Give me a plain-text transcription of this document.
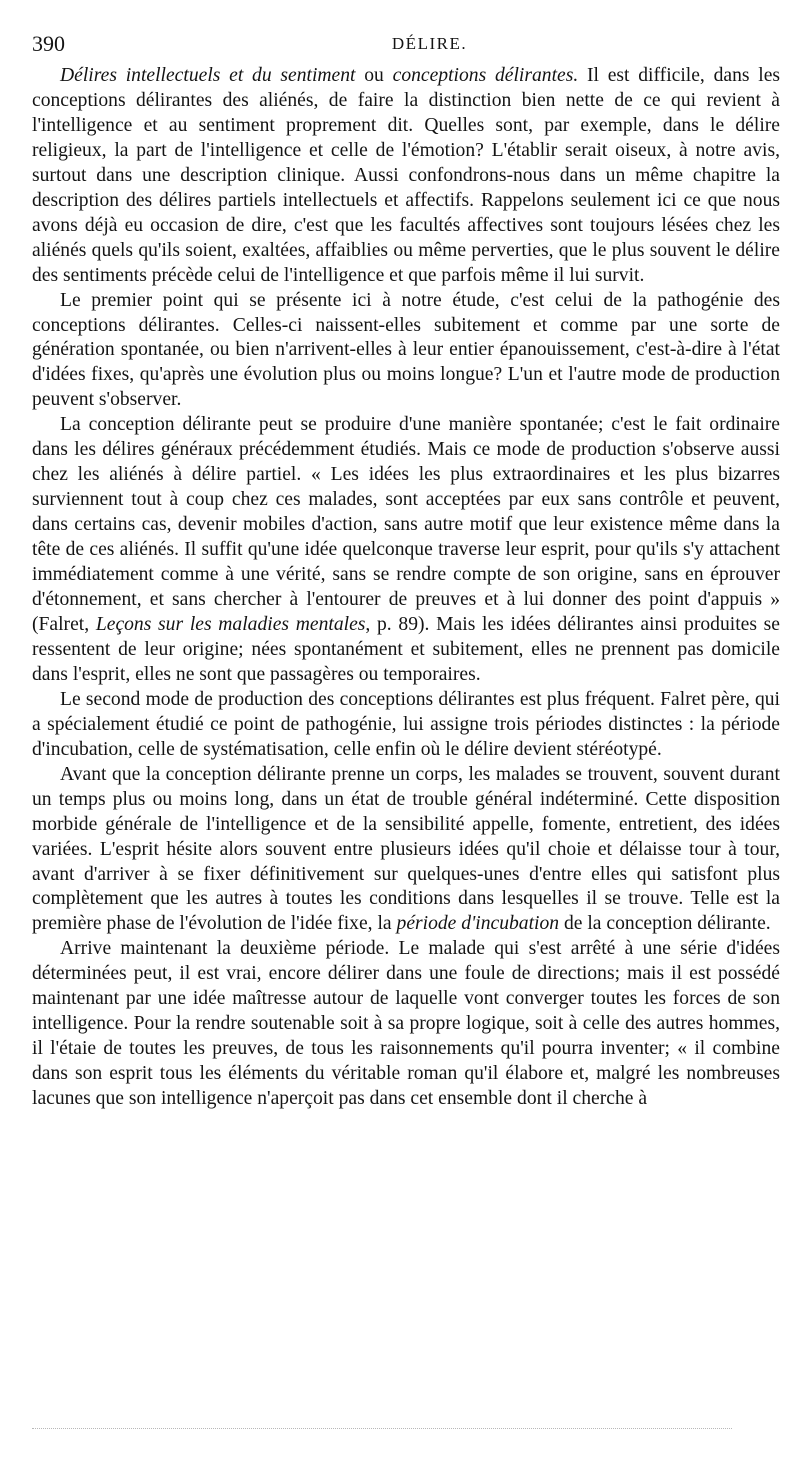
390	DÉLIRE.

Délires intellectuels et du sentiment ou conceptions délirantes. Il est difficile, dans les conceptions délirantes des aliénés, de faire la distinction bien nette de ce qui revient à l'intelligence et au sentiment proprement dit. Quelles sont, par exemple, dans le délire religieux, la part de l'intelligence et celle de l'émotion? L'établir serait oiseux, à notre avis, surtout dans une description clinique. Aussi confondrons-nous dans un même chapitre la description des délires partiels intellectuels et affectifs. Rappelons seulement ici ce que nous avons déjà eu occasion de dire, c'est que les facultés affectives sont toujours lésées chez les aliénés quels qu'ils soient, exaltées, affaiblies ou même perverties, que le plus souvent le délire des sentiments précède celui de l'intelligence et que parfois même il lui survit.

Le premier point qui se présente ici à notre étude, c'est celui de la pathogénie des conceptions délirantes. Celles-ci naissent-elles subitement et comme par une sorte de génération spontanée, ou bien n'arrivent-elles à leur entier épanouissement, c'est-à-dire à l'état d'idées fixes, qu'après une évolution plus ou moins longue? L'un et l'autre mode de production peuvent s'observer.

La conception délirante peut se produire d'une manière spontanée; c'est le fait ordinaire dans les délires généraux précédemment étudiés. Mais ce mode de production s'observe aussi chez les aliénés à délire partiel. « Les idées les plus extraordinaires et les plus bizarres surviennent tout à coup chez ces malades, sont acceptées par eux sans contrôle et peuvent, dans certains cas, devenir mobiles d'action, sans autre motif que leur existence même dans la tête de ces aliénés. Il suffit qu'une idée quelconque traverse leur esprit, pour qu'ils s'y attachent immédiatement comme à une vérité, sans se rendre compte de son origine, sans en éprouver d'étonnement, et sans chercher à l'entourer de preuves et à lui donner des point d'appuis » (Falret, Leçons sur les maladies mentales, p. 89). Mais les idées délirantes ainsi produites se ressentent de leur origine; nées spontanément et subitement, elles ne prennent pas domicile dans l'esprit, elles ne sont que passagères ou temporaires.

Le second mode de production des conceptions délirantes est plus fréquent. Falret père, qui a spécialement étudié ce point de pathogénie, lui assigne trois périodes distinctes : la période d'incubation, celle de systématisation, celle enfin où le délire devient stéréotypé.

Avant que la conception délirante prenne un corps, les malades se trouvent, souvent durant un temps plus ou moins long, dans un état de trouble général indéterminé. Cette disposition morbide générale de l'intelligence et de la sensibilité appelle, fomente, entretient, des idées variées. L'esprit hésite alors souvent entre plusieurs idées qu'il choie et délaisse tour à tour, avant d'arriver à se fixer définitivement sur quelques-unes d'entre elles qui satisfont plus complètement que les autres à toutes les conditions dans lesquelles il se trouve. Telle est la première phase de l'évolution de l'idée fixe, la période d'incubation de la conception délirante.

Arrive maintenant la deuxième période. Le malade qui s'est arrêté à une série d'idées déterminées peut, il est vrai, encore délirer dans une foule de directions; mais il est possédé maintenant par une idée maîtresse autour de laquelle vont converger toutes les forces de son intelligence. Pour la rendre soutenable soit à sa propre logique, soit à celle des autres hommes, il l'étaie de toutes les preuves, de tous les raisonnements qu'il pourra inventer; « il combine dans son esprit tous les éléments du véritable roman qu'il élabore et, malgré les nombreuses lacunes que son intelligence n'aperçoit pas dans cet ensemble dont il cherche à
